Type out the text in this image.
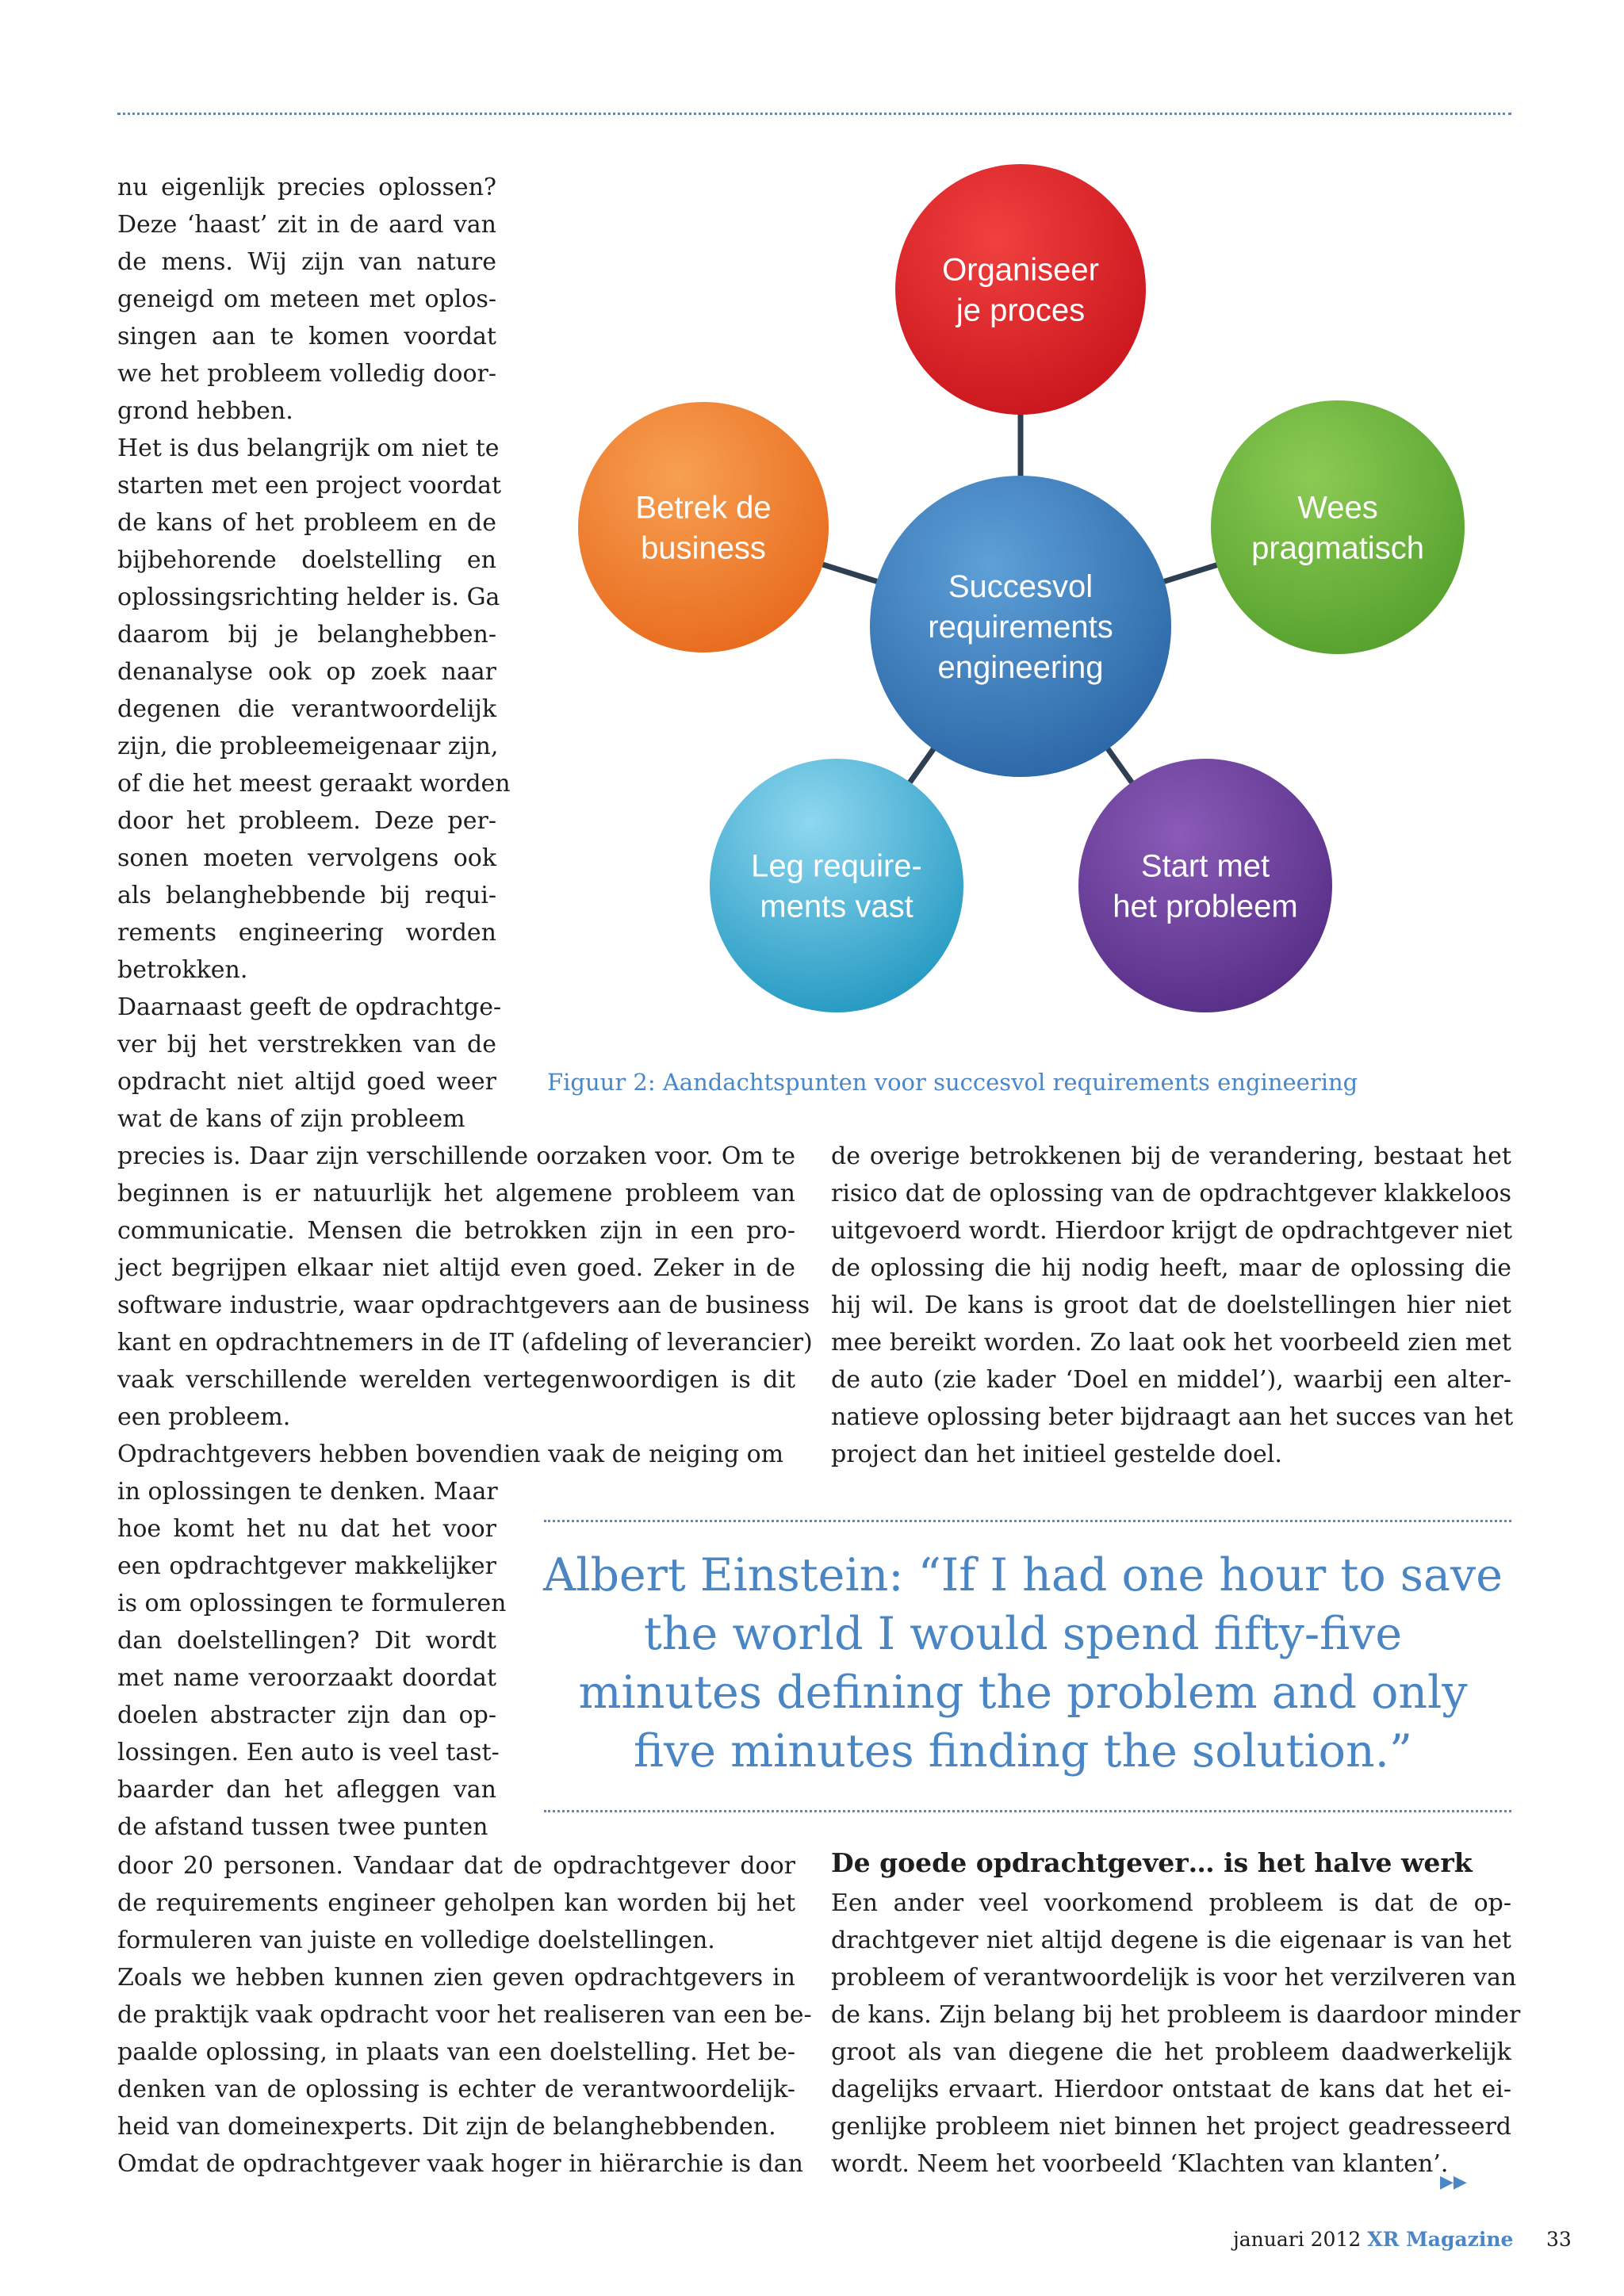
nu eigenlijk precies oplossen?
Deze ‘haast’ zit in de aard van
de mens. Wij zijn van nature
geneigd om meteen met oplos-
singen aan te komen voordat
we het probleem volledig door-
grond hebben.
Het is dus belangrijk om niet te
starten met een project voordat
de kans of het probleem en de
bijbehorende doelstelling en
oplossingsrichting helder is. Ga
daarom bij je belanghebben-
denanalyse ook op zoek naar
degenen die verantwoordelijk
zijn, die probleemeigenaar zijn,
of die het meest geraakt worden
door het probleem. Deze per-
sonen moeten vervolgens ook
als belanghebbende bij requi-
rements engineering worden
betrokken.
Daarnaast geeft de opdrachtge-
ver bij het verstrekken van de
opdracht niet altijd goed weer
wat de kans of zijn probleem
precies is. Daar zijn verschillende oorzaken voor. Om te
beginnen is er natuurlijk het algemene probleem van
communicatie. Mensen die betrokken zijn in een pro-
ject begrijpen elkaar niet altijd even goed. Zeker in de
software industrie, waar opdrachtgevers aan de business
kant en opdrachtnemers in de IT (afdeling of leverancier)
vaak verschillende werelden vertegenwoordigen is dit
een probleem.
Opdrachtgevers hebben bovendien vaak de neiging om
in oplossingen te denken. Maar
hoe komt het nu dat het voor
een opdrachtgever makkelijker
is om oplossingen te formuleren
dan doelstellingen? Dit wordt
met name veroorzaakt doordat
doelen abstracter zijn dan op-
lossingen. Een auto is veel tast-
baarder dan het afleggen van
de afstand tussen twee punten
door 20 personen. Vandaar dat de opdrachtgever door
de requirements engineer geholpen kan worden bij het
formuleren van juiste en volledige doelstellingen.
Zoals we hebben kunnen zien geven opdrachtgevers in
de praktijk vaak opdracht voor het realiseren van een be-
paalde oplossing, in plaats van een doelstelling. Het be-
denken van de oplossing is echter de verantwoordelijk-
heid van domeinexperts. Dit zijn de belanghebbenden.
Omdat de opdrachtgever vaak hoger in hiërarchie is dan
de overige betrokkenen bij de verandering, bestaat het
risico dat de oplossing van de opdrachtgever klakkeloos
uitgevoerd wordt. Hierdoor krijgt de opdrachtgever niet
de oplossing die hij nodig heeft, maar de oplossing die
hij wil. De kans is groot dat de doelstellingen hier niet
mee bereikt worden. Zo laat ook het voorbeeld zien met
de auto (zie kader ‘Doel en middel’), waarbij een alter-
natieve oplossing beter bijdraagt aan het succes van het
project dan het initieel gestelde doel.
Een ander veel voorkomend probleem is dat de op-
drachtgever niet altijd degene is die eigenaar is van het
probleem of verantwoordelijk is voor het verzilveren van
de kans. Zijn belang bij het probleem is daardoor minder
groot als van diegene die het probleem daadwerkelijk
dagelijks ervaart. Hierdoor ontstaat de kans dat het ei-
genlijke probleem niet binnen het project geadresseerd
wordt. Neem het voorbeeld ‘Klachten van klanten’.
Organiseer
je proces
Wees
pragmatisch
Start met
het probleem
Leg require-
ments vast
Betrek de
business
Succesvol
requirements
engineering
Figuur 2: Aandachtspunten voor succesvol requirements engineering
Albert Einstein: “If I had one hour to save
the world I would spend fifty-five
minutes defining the problem and only
five minutes finding the solution.”
De goede opdrachtgever… is het halve werk
▶▶
januari 2012 XR Magazine 33
